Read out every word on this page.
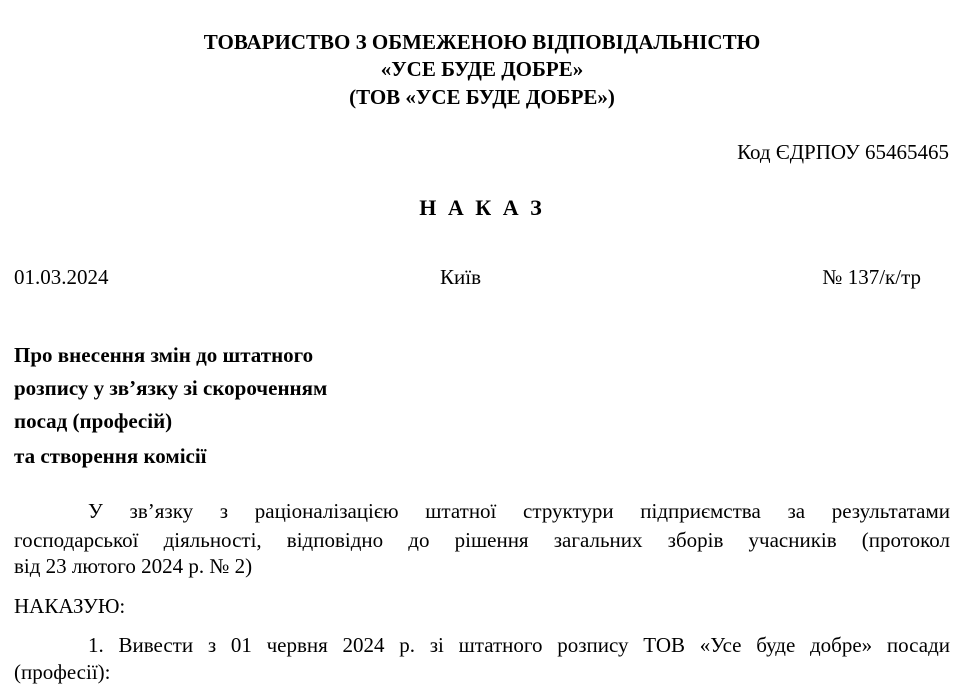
ТОВАРИСТВО З ОБМЕЖЕНОЮ ВІДПОВІДАЛЬНІСТЮ
«УСЕ БУДЕ ДОБРЕ»
(ТОВ «УСЕ БУДЕ ДОБРЕ»)
Код ЄДРПОУ 65465465
Н А К А З
01.03.2024	Київ	№ 137/к/тр
Про внесення змін до штатного
розпису у зв’язку зі скороченням
посад (професій)
та створення комісії
У зв’язку з раціоналізацією штатної структури підприємства за результатами
господарської діяльності, відповідно до рішення загальних зборів учасників (протокол
від 23 лютого 2024 р. № 2)
НАКАЗУЮ:
1. Вивести з 01 червня 2024 р. зі штатного розпису ТОВ «Усе буде добре» посади
(професії):
